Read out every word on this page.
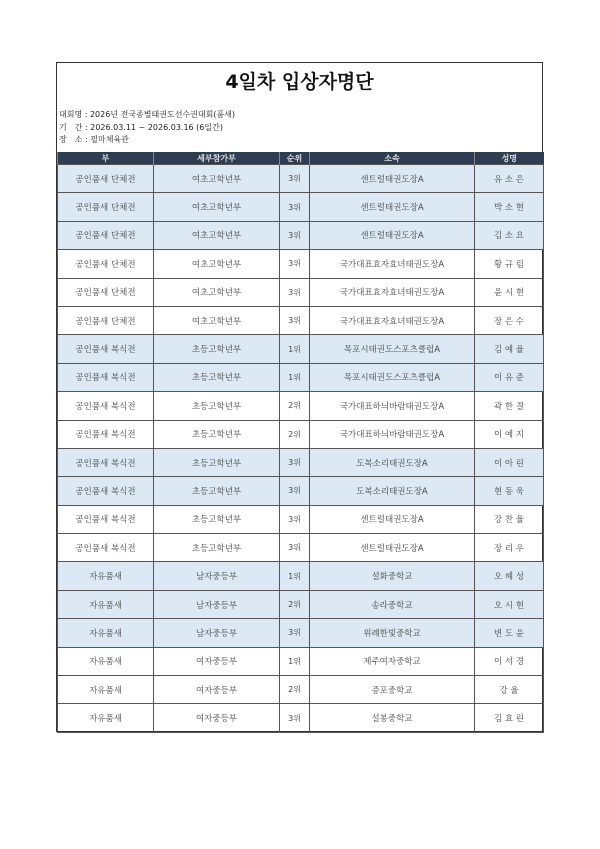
4일차 입상자명단
대회명 : 2026년 전국종별태권도선수권대회(품새)
기　간 : 2026.03.11 ~ 2026.03.16 (6일간)
장　소 : 필마체육관
부	세부참가부	순위	소속	성명
공인품새 단체전	여초고학년부	3위	센트럴태권도장A	유 소 은
공인품새 단체전	여초고학년부	3위	센트럴태권도장A	박 소 현
공인품새 단체전	여초고학년부	3위	센트럴태권도장A	김 소 요
공인품새 단체전	여초고학년부	3위	국가대표효자효녀태권도장A	황 규 림
공인품새 단체전	여초고학년부	3위	국가대표효자효녀태권도장A	윤 시 현
공인품새 단체전	여초고학년부	3위	국가대표효자효녀태권도장A	장 은 수
공인품새 복식전	초등고학년부	1위	목포시태권도스포츠클럽A	김 예 율
공인품새 복식전	초등고학년부	1위	목포시태권도스포츠클럽A	이 유 준
공인품새 복식전	초등고학년부	2위	국가대표하늬바람태권도장A	곽 한 결
공인품새 복식전	초등고학년부	2위	국가대표하늬바람태권도장A	이 예 지
공인품새 복식전	초등고학년부	3위	도복소리태권도장A	이 아 린
공인품새 복식전	초등고학년부	3위	도복소리태권도장A	현 동 욱
공인품새 복식전	초등고학년부	3위	센트럴태권도장A	강 찬 율
공인품새 복식전	초등고학년부	3위	센트럴태권도장A	장 리 우
자유품새	남자중등부	1위	설화중학교	오 혜 성
자유품새	남자중등부	2위	송라중학교	오 시 현
자유품새	남자중등부	3위	위례한빛중학교	변 도 윤
자유품새	여자중등부	1위	제주여자중학교	이 서 경
자유품새	여자중등부	2위	증포중학교	강 율
자유품새	여자중등부	3위	설봉중학교	김 효 린
